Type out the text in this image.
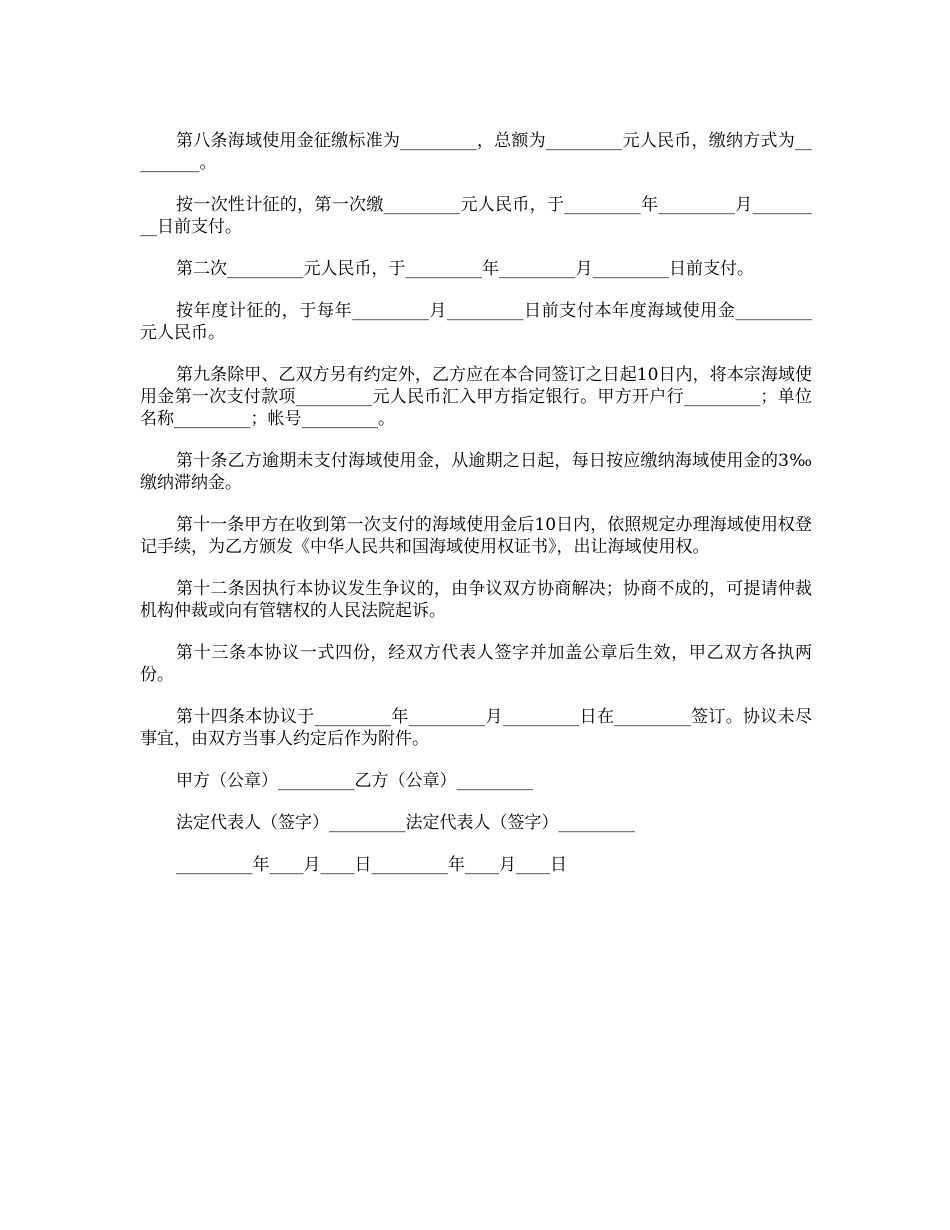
第八条海域使用金征缴标准为_________，总额为_________元人民币，缴纳方式为_________。

按一次性计征的，第一次缴_________元人民币，于_________年_________月_________日前支付。

第二次_________元人民币，于_________年_________月_________日前支付。

按年度计征的，于每年_________月_________日前支付本年度海域使用金_________元人民币。

第九条除甲、乙双方另有约定外，乙方应在本合同签订之日起10日内，将本宗海域使用金第一次支付款项_________元人民币汇入甲方指定银行。甲方开户行_________；单位名称_________；帐号_________。

第十条乙方逾期未支付海域使用金，从逾期之日起，每日按应缴纳海域使用金的3‰缴纳滞纳金。

第十一条甲方在收到第一次支付的海域使用金后10日内，依照规定办理海域使用权登记手续，为乙方颁发《中华人民共和国海域使用权证书》，出让海域使用权。

第十二条因执行本协议发生争议的，由争议双方协商解决；协商不成的，可提请仲裁机构仲裁或向有管辖权的人民法院起诉。

第十三条本协议一式四份，经双方代表人签字并加盖公章后生效，甲乙双方各执两份。

第十四条本协议于_________年_________月_________日在_________签订。协议未尽事宜，由双方当事人约定后作为附件。

甲方（公章）_________乙方（公章）_________

法定代表人（签字）_________法定代表人（签字）_________

_________年____月____日_________年____月____日
